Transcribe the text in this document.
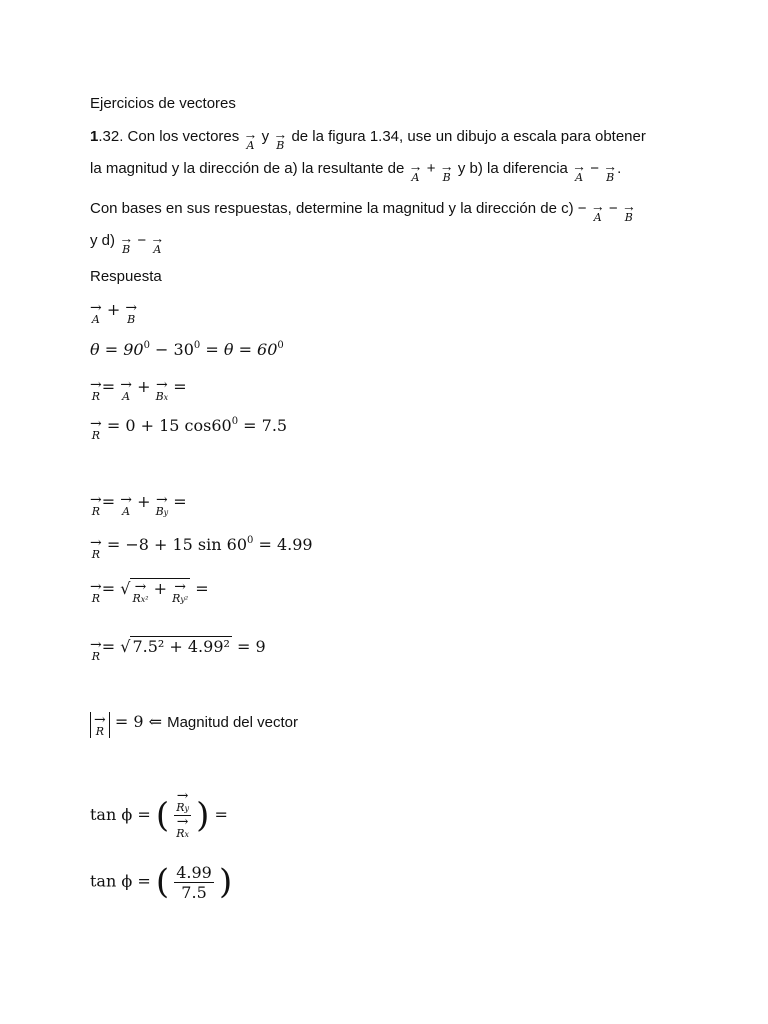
Ejercicios de vectores
1.32. Con los vectores →
A
y →
B
de la figura 1.34, use un dibujo a escala para obtener
la magnitud y la dirección de a) la resultante de →
A
+ →
B
y b) la diferencia →
A
− →
B
.
Con bases en sus respuestas, determine la magnitud y la dirección de c) − →
A
− →
B
y d) →
B
− →
A
Respuesta
→
A
+ →
B
$\theta = 90^0 - 30^0 = \theta = 60^0$
→
R
= →
A
+ →
Bx
=
→
R
= 0 + 15 $\cos 60^0 = 7.5$
→
R
= →
A
+ →
By
=
→
R
= −8 + 15 $\sin 60^0 = 4.99$
→
R
= √ →
Rx²
+ →
Ry²
=
→
R
= √ 7.5² + 4.99² = 9
→
R
= 9 ⇐ Magnitud del vector
tan ϕ = ( →
Ry
→
Rx ) =
tan ϕ = ( $\frac{4.99}{7.5}$ )
